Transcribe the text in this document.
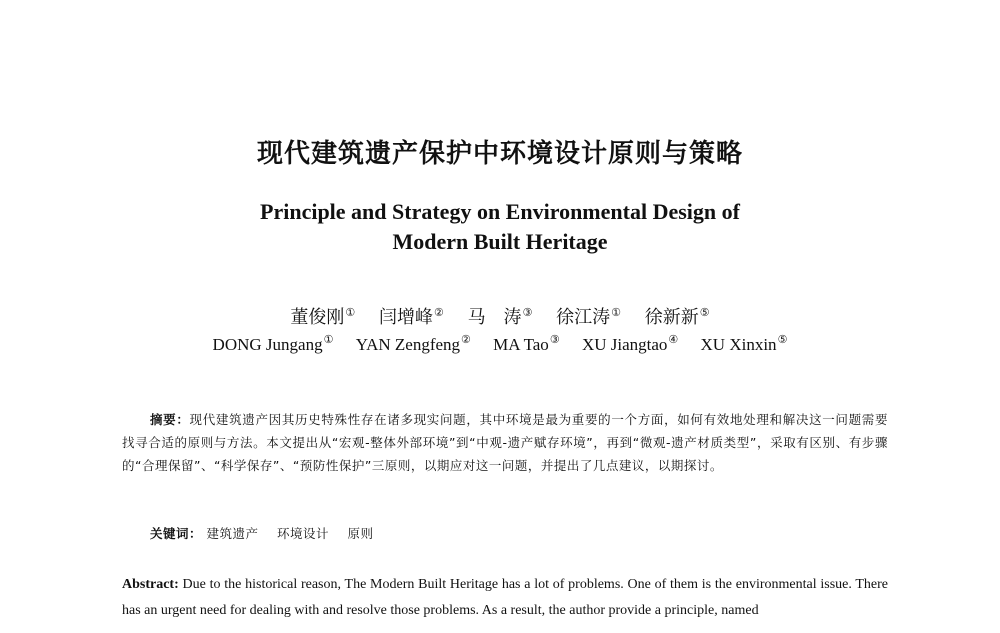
现代建筑遗产保护中环境设计原则与策略
Principle and Strategy on Environmental Design of
Modern Built Heritage
董俊刚① 闫增峰② 马　涛③ 徐江涛① 徐新新⑤
DONG Jungang① YAN Zengfeng② MA Tao③ XU Jiangtao④ XU Xinxin⑤
摘要：现代建筑遗产因其历史特殊性存在诸多现实问题，其中环境是最为重要的一个方面，如何有效地处理和解决这一问题需要找寻合适的原则与方法。本文提出从“宏观-整体外部环境”到“中观-遗产赋存环境”，再到“微观-遗产材质类型”，采取有区别、有步骤的“合理保留”、“科学保存”、“预防性保护”三原则，以期应对这一问题，并提出了几点建议，以期探讨。
关键词： 建筑遗产 环境设计 原则
Abstract: Due to the historical reason, The Modern Built Heritage has a lot of problems. One of them is the environmental issue. There has an urgent need for dealing with and resolve those problems. As a result, the author provide a principle, named
